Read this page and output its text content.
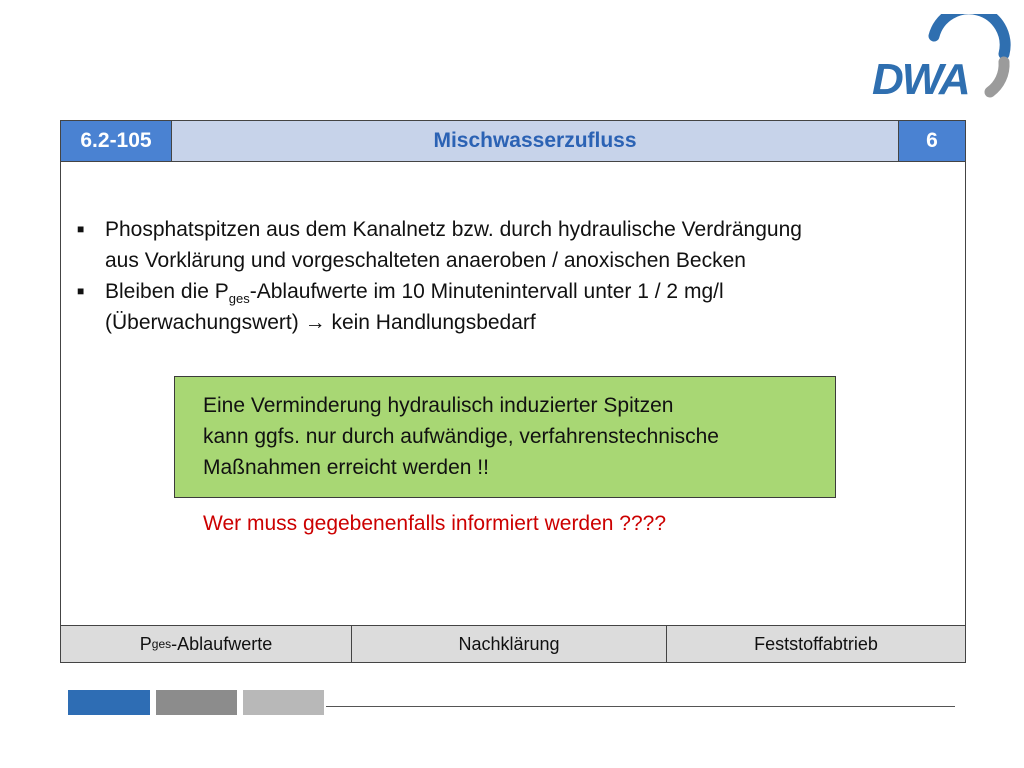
DWA
6.2-105	Mischwasserzufluss	6
■ Phosphatspitzen aus dem Kanalnetz bzw. durch hydraulische Verdrängung
aus Vorklärung und vorgeschalteten anaeroben / anoxischen Becken
■ Bleiben die $P_{ges}$-Ablaufwerte im 10 Minutenintervall unter 1 / 2 mg/l
(Überwachungswert) → kein Handlungsbedarf
Eine Verminderung hydraulisch induzierter Spitzen
kann ggfs. nur durch aufwändige, verfahrenstechnische
Maßnahmen erreicht werden !!
Wer muss gegebenenfalls informiert werden ????
P ges -Ablaufwerte	Nachklärung	Feststoffabtrieb
